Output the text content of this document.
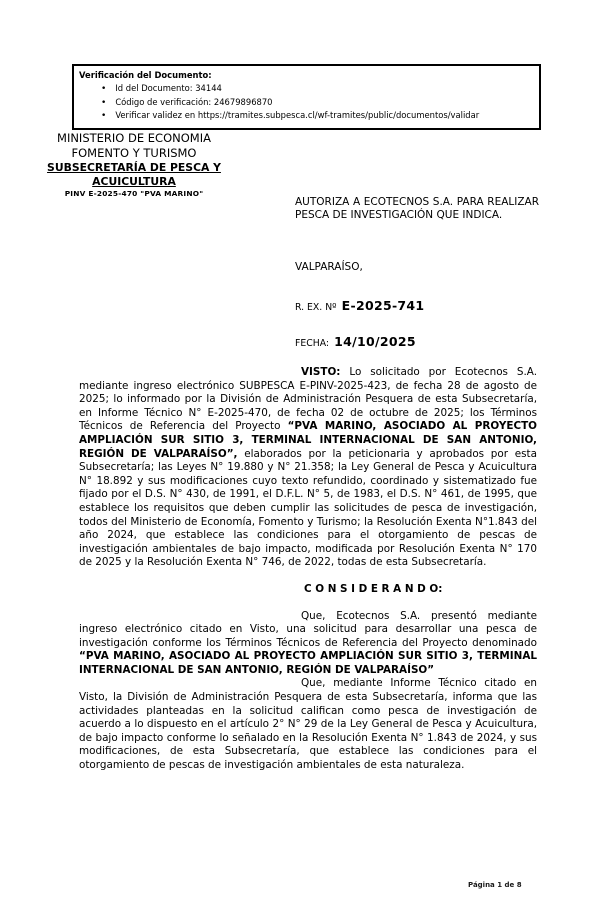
Verificación del Documento:
• Id del Documento: 34144
• Código de verificación: 24679896870
• Verificar validez en https://tramites.subpesca.cl/wf-tramites/public/documentos/validar
MINISTERIO DE ECONOMIA
FOMENTO Y TURISMO
SUBSECRETARÍA DE PESCA Y
ACUICULTURA
PINV E-2025-470 "PVA MARINO"
AUTORIZA A ECOTECNOS S.A. PARA REALIZAR PESCA DE INVESTIGACIÓN QUE INDICA.
VALPARAÍSO,
R. EX. Nº E-2025-741
FECHA: 14/10/2025

VISTO: Lo solicitado por Ecotecnos S.A. mediante ingreso electrónico SUBPESCA E-PINV-2025-423, de fecha 28 de agosto de 2025; lo informado por la División de Administración Pesquera de esta Subsecretaría, en Informe Técnico N° E-2025-470, de fecha 02 de octubre de 2025; los Términos Técnicos de Referencia del Proyecto “PVA MARINO, ASOCIADO AL PROYECTO AMPLIACIÓN SUR SITIO 3, TERMINAL INTERNACIONAL DE SAN ANTONIO, REGIÓN DE VALPARAÍSO”, elaborados por la peticionaria y aprobados por esta Subsecretaría; las Leyes N° 19.880 y N° 21.358; la Ley General de Pesca y Acuicultura N° 18.892 y sus modificaciones cuyo texto refundido, coordinado y sistematizado fue fijado por el D.S. N° 430, de 1991, el D.F.L. N° 5, de 1983, el D.S. N° 461, de 1995, que establece los requisitos que deben cumplir las solicitudes de pesca de investigación, todos del Ministerio de Economía, Fomento y Turismo; la Resolución Exenta N°1.843 del año 2024, que establece las condiciones para el otorgamiento de pescas de investigación ambientales de bajo impacto, modificada por Resolución Exenta N° 170 de 2025 y la Resolución Exenta N° 746, de 2022, todas de esta Subsecretaría.

C O N S I D E R A N D O:

Que, Ecotecnos S.A. presentó mediante ingreso electrónico citado en Visto, una solicitud para desarrollar una pesca de investigación conforme los Términos Técnicos de Referencia del Proyecto denominado “PVA MARINO, ASOCIADO AL PROYECTO AMPLIACIÓN SUR SITIO 3, TERMINAL INTERNACIONAL DE SAN ANTONIO, REGIÓN DE VALPARAÍSO”

Que, mediante Informe Técnico citado en Visto, la División de Administración Pesquera de esta Subsecretaría, informa que las actividades planteadas en la solicitud califican como pesca de investigación de acuerdo a lo dispuesto en el artículo 2° N° 29 de la Ley General de Pesca y Acuicultura, de bajo impacto conforme lo señalado en la Resolución Exenta N° 1.843 de 2024, y sus modificaciones, de esta Subsecretaría, que establece las condiciones para el otorgamiento de pescas de investigación ambientales de esta naturaleza.

Página 1 de 8
